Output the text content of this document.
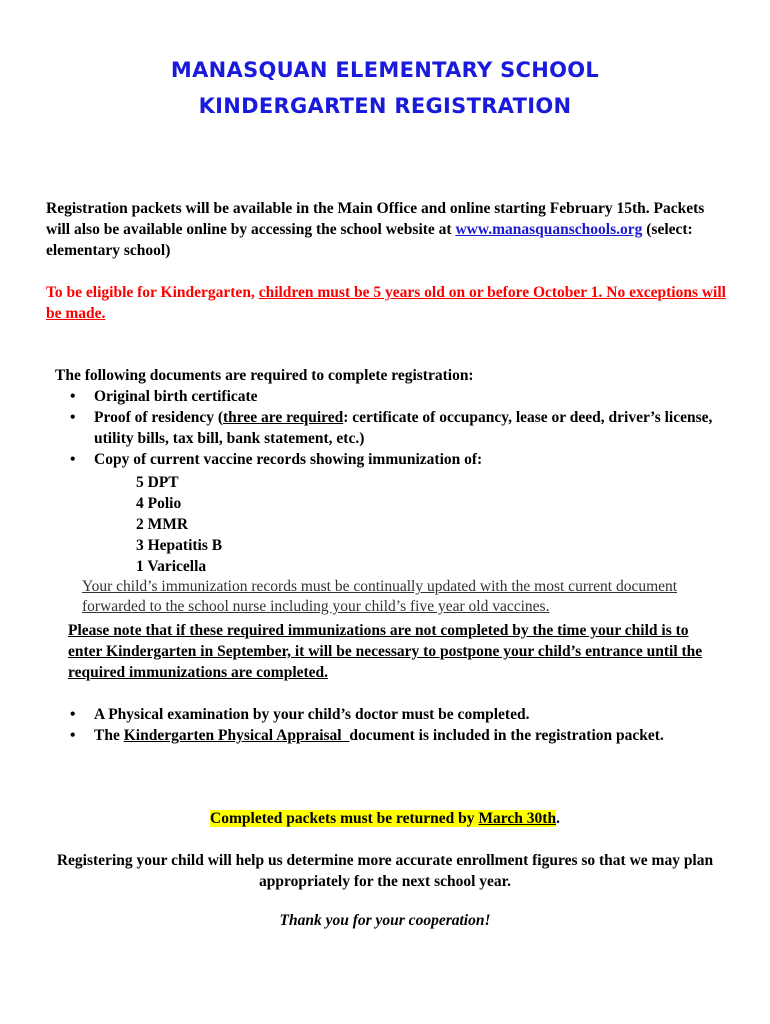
MANASQUAN ELEMENTARY SCHOOL
KINDERGARTEN REGISTRATION

Registration packets will be available in the Main Office and online starting February 15th. Packets will also be available online by accessing the school website at www.manasquanschools.org (select: elementary school)

To be eligible for Kindergarten, children must be 5 years old on or before October 1. No exceptions will be made.

The following documents are required to complete registration:

• Original birth certificate
• Proof of residency (three are required: certificate of occupancy, lease or deed, driver’s license, utility bills, tax bill, bank statement, etc.)
• Copy of current vaccine records showing immunization of:
5 DPT
4 Polio
2 MMR
3 Hepatitis B
1 Varicella
Your child’s immunization records must be continually updated with the most current document forwarded to the school nurse including your child’s five year old vaccines.
Please note that if these required immunizations are not completed by the time your child is to enter Kindergarten in September, it will be necessary to postpone your child’s entrance until the required immunizations are completed.
• A Physical examination by your child’s doctor must be completed.
• The Kindergarten Physical Appraisal  document is included in the registration packet.
Completed packets must be returned by March 30th.
Registering your child will help us determine more accurate enrollment figures so that we may plan appropriately for the next school year.
Thank you for your cooperation!
